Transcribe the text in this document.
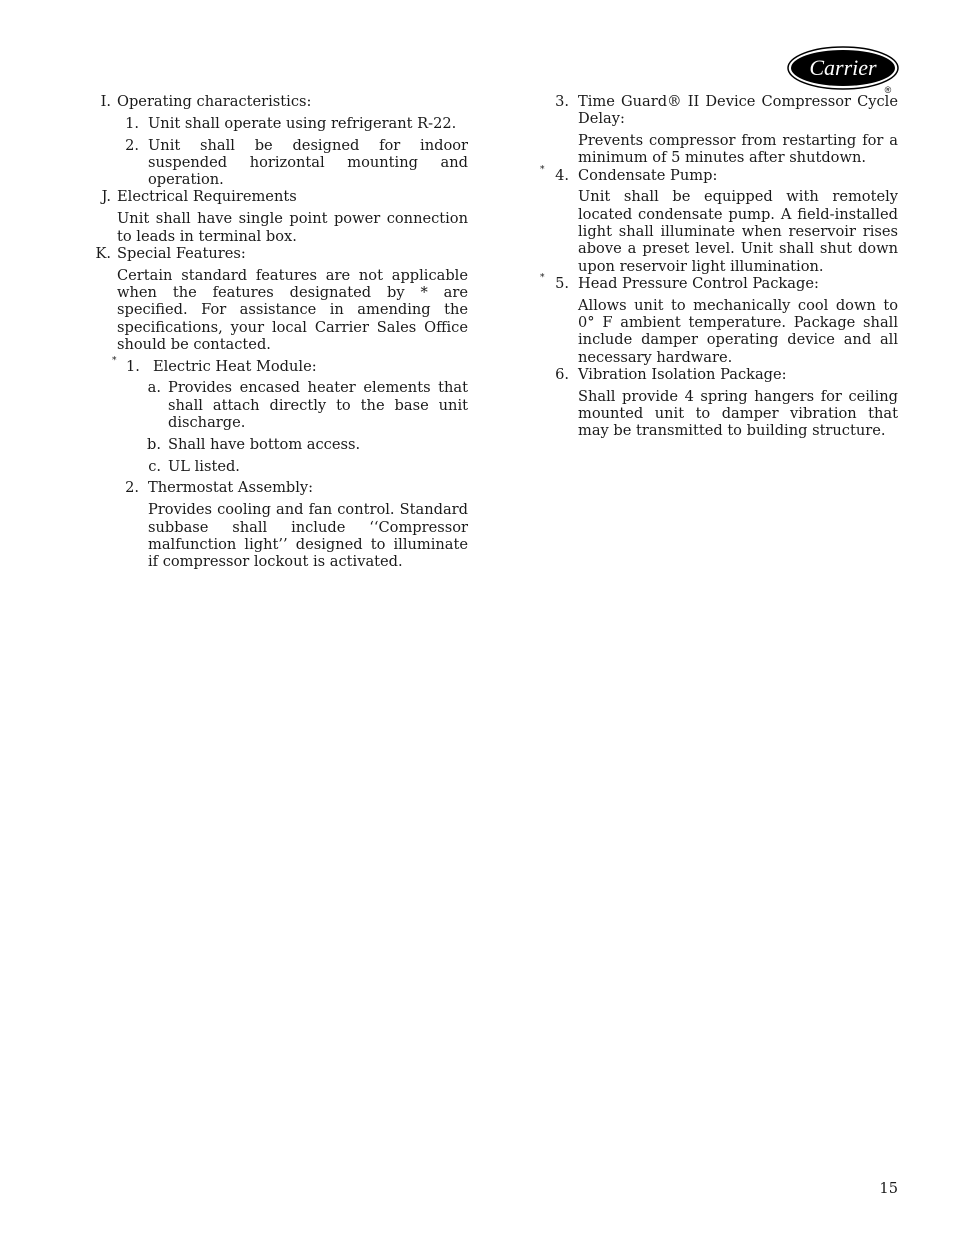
Carrier
®
I. Operating characteristics:
1. Unit shall operate using refrigerant R-22.
2. Unit shall be designed for indoor suspended horizontal mounting and operation.
J. Electrical Requirements
Unit shall have single point power connection to leads in terminal box.
K. Special Features:
Certain standard features are not applicable when the features designated by * are specified. For assistance in amending the specifications, your local Carrier Sales Office should be contacted.
* 1. Electric Heat Module:
a. Provides encased heater elements that shall attach directly to the base unit discharge.
b. Shall have bottom access.
c. UL listed.
2. Thermostat Assembly:
Provides cooling and fan control. Standard subbase shall include ‘‘Compressor malfunction light’’ designed to illuminate if compressor lockout is activated.
3. Time Guard® II Device Compressor Cycle Delay:
Prevents compressor from restarting for a minimum of 5 minutes after shutdown.
* 4. Condensate Pump:
Unit shall be equipped with remotely located condensate pump. A field-installed light shall illuminate when reservoir rises above a preset level. Unit shall shut down upon reservoir light illumination.
* 5. Head Pressure Control Package:
Allows unit to mechanically cool down to 0° F ambient temperature. Package shall include damper operating device and all necessary hardware.
6. Vibration Isolation Package:
Shall provide 4 spring hangers for ceiling mounted unit to damper vibration that may be transmitted to building structure.
15
